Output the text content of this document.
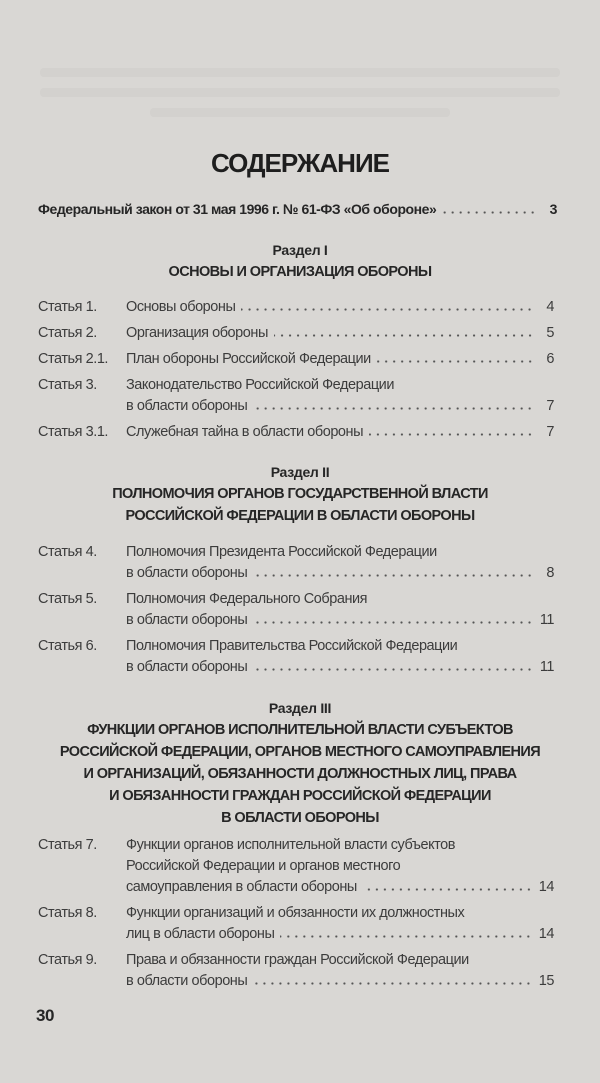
СОДЕРЖАНИЕ
Федеральный закон от 31 мая 1996 г. № 61-ФЗ «Об обороне»	3
Раздел I
ОСНОВЫ И ОРГАНИЗАЦИЯ ОБОРОНЫ
Статья 1.	Основы обороны	4
Статья 2.	Организация обороны	5
Статья 2.1.	План обороны Российской Федерации	6
Статья 3.	Законодательство Российской Федерации
в области обороны	7
Статья 3.1.	Служебная тайна в области обороны	7
Раздел II
ПОЛНОМОЧИЯ ОРГАНОВ ГОСУДАРСТВЕННОЙ ВЛАСТИ
РОССИЙСКОЙ ФЕДЕРАЦИИ В ОБЛАСТИ ОБОРОНЫ
Статья 4.	Полномочия Президента Российской Федерации
в области обороны	8
Статья 5.	Полномочия Федерального Собрания
в области обороны	11
Статья 6.	Полномочия Правительства Российской Федерации
в области обороны	11
Раздел III
ФУНКЦИИ ОРГАНОВ ИСПОЛНИТЕЛЬНОЙ ВЛАСТИ СУБЪЕКТОВ
РОССИЙСКОЙ ФЕДЕРАЦИИ, ОРГАНОВ МЕСТНОГО САМОУПРАВЛЕНИЯ
И ОРГАНИЗАЦИЙ, ОБЯЗАННОСТИ ДОЛЖНОСТНЫХ ЛИЦ, ПРАВА
И ОБЯЗАННОСТИ ГРАЖДАН РОССИЙСКОЙ ФЕДЕРАЦИИ
В ОБЛАСТИ ОБОРОНЫ
Статья 7.	Функции органов исполнительной власти субъектов
Российской Федерации и органов местного
самоуправления в области обороны	14
Статья 8.	Функции организаций и обязанности их должностных
лиц в области обороны	14
Статья 9.	Права и обязанности граждан Российской Федерации
в области обороны	15
30
